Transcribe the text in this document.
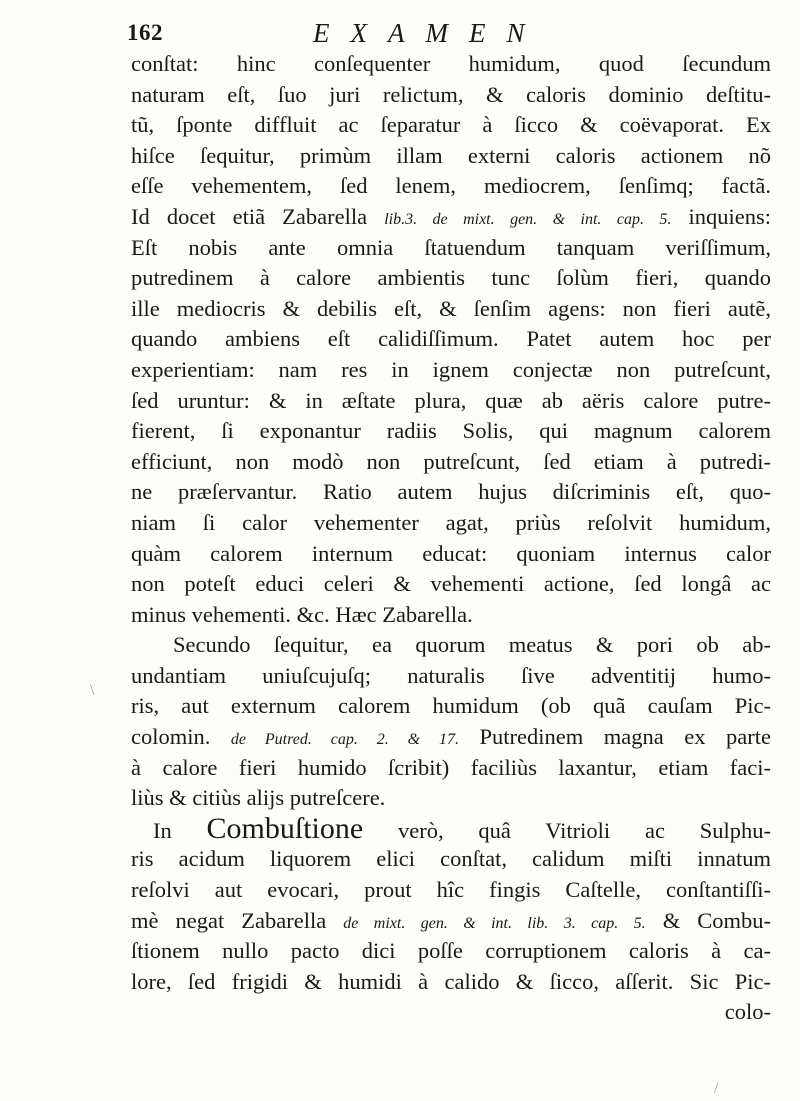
162	EXAMEN
conſtat: hinc conſequenter humidum, quod ſecundum
naturam eſt, ſuo juri relictum, & caloris dominio deſtitu-
tũ, ſponte diffluit ac ſeparatur à ſicco & coëvaporat. Ex
hiſce ſequitur, primùm illam externi caloris actionem nõ
eſſe vehementem, ſed lenem, mediocrem, ſenſimq; factã.
Id docet etiã Zabarella lib.3. de mixt. gen. & int. cap. 5. inquiens:
Eſt nobis ante omnia ſtatuendum tanquam veriſſimum,
putredinem à calore ambientis tunc ſolùm fieri, quando
ille mediocris & debilis eſt, & ſenſim agens: non fieri autẽ,
quando ambiens eſt calidiſſimum. Patet autem hoc per
experientiam: nam res in ignem conjectæ non putreſcunt,
ſed uruntur: & in æſtate plura, quæ ab aëris calore putre-
fierent, ſi exponantur radiis Solis, qui magnum calorem
efficiunt, non modò non putreſcunt, ſed etiam à putredi-
ne præſervantur. Ratio autem hujus diſcriminis eſt, quo-
niam ſi calor vehementer agat, priùs reſolvit humidum,
quàm calorem internum educat: quoniam internus calor
non poteſt educi celeri & vehementi actione, ſed longâ ac
minus vehementi. &c. Hæc Zabarella.
Secundo ſequitur, ea quorum meatus & pori ob ab-
undantiam uniuſcujuſq; naturalis ſive adventitij humo-
ris, aut externum calorem humidum (ob quã cauſam Pic-
colomin. de Putred. cap. 2. & 17. Putredinem magna ex parte
à calore fieri humido ſcribit) faciliùs laxantur, etiam faci-
liùs & citiùs alijs putreſcere.
In Combuſtione verò, quâ Vitrioli ac Sulphu-
ris acidum liquorem elici conſtat, calidum miſti innatum
reſolvi aut evocari, prout hîc fingis Caſtelle, conſtantiſſi-
mè negat Zabarella de mixt. gen. & int. lib. 3. cap. 5. & Combu-
ſtionem nullo pacto dici poſſe corruptionem caloris à ca-
lore, ſed frigidi & humidi à calido & ſicco, aſſerit. Sic Pic-
colo-
\
/
